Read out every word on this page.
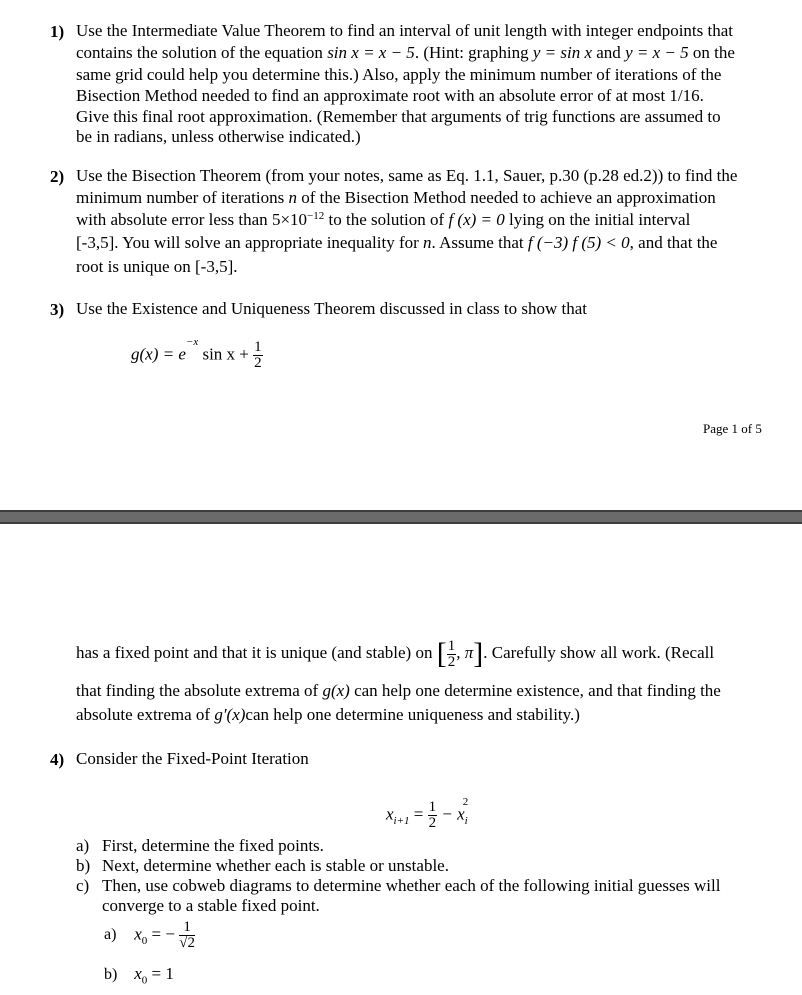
1) Use the Intermediate Value Theorem to find an interval of unit length with integer endpoints that
contains the solution of the equation sin x = x − 5. (Hint: graphing y = sin x and y = x − 5 on the
same grid could help you determine this.) Also, apply the minimum number of iterations of the
Bisection Method needed to find an approximate root with an absolute error of at most 1/16.
Give this final root approximation. (Remember that arguments of trig functions are assumed to
be in radians, unless otherwise indicated.)
2) Use the Bisection Theorem (from your notes, same as Eq. 1.1, Sauer, p.30 (p.28 ed.2)) to find the
minimum number of iterations n of the Bisection Method needed to achieve an approximation
with absolute error less than $5\times 10^{-12}$ to the solution of f (x) = 0 lying on the initial interval
[-3,5]. You will solve an appropriate inequality for n. Assume that f (−3) f (5) < 0, and that the
root is unique on [-3,5].
3) Use the Existence and Uniqueness Theorem discussed in class to show that
$g(x) = e^{-x}$ $\sin x + \frac{1}{2}$
Page 1 of 5
has a fixed point and that it is unique (and stable) on [ $\frac{1}{2}$ , π]. Carefully show all work. (Recall
that finding the absolute extrema of g(x) can help one determine existence, and that finding the
absolute extrema of g′(x)can help one determine uniqueness and stability.)
4) Consider the Fixed-Point Iteration
$x_{i+1} = \frac{1}{2} - x_i^2$
a) First, determine the fixed points.
b) Next, determine whether each is stable or unstable.
c) Then, use cobweb diagrams to determine whether each of the following initial guesses will
converge to a stable fixed point.
a) $x_0$ = − $\frac{1}{√2}$
b) $x_0 = 1$
